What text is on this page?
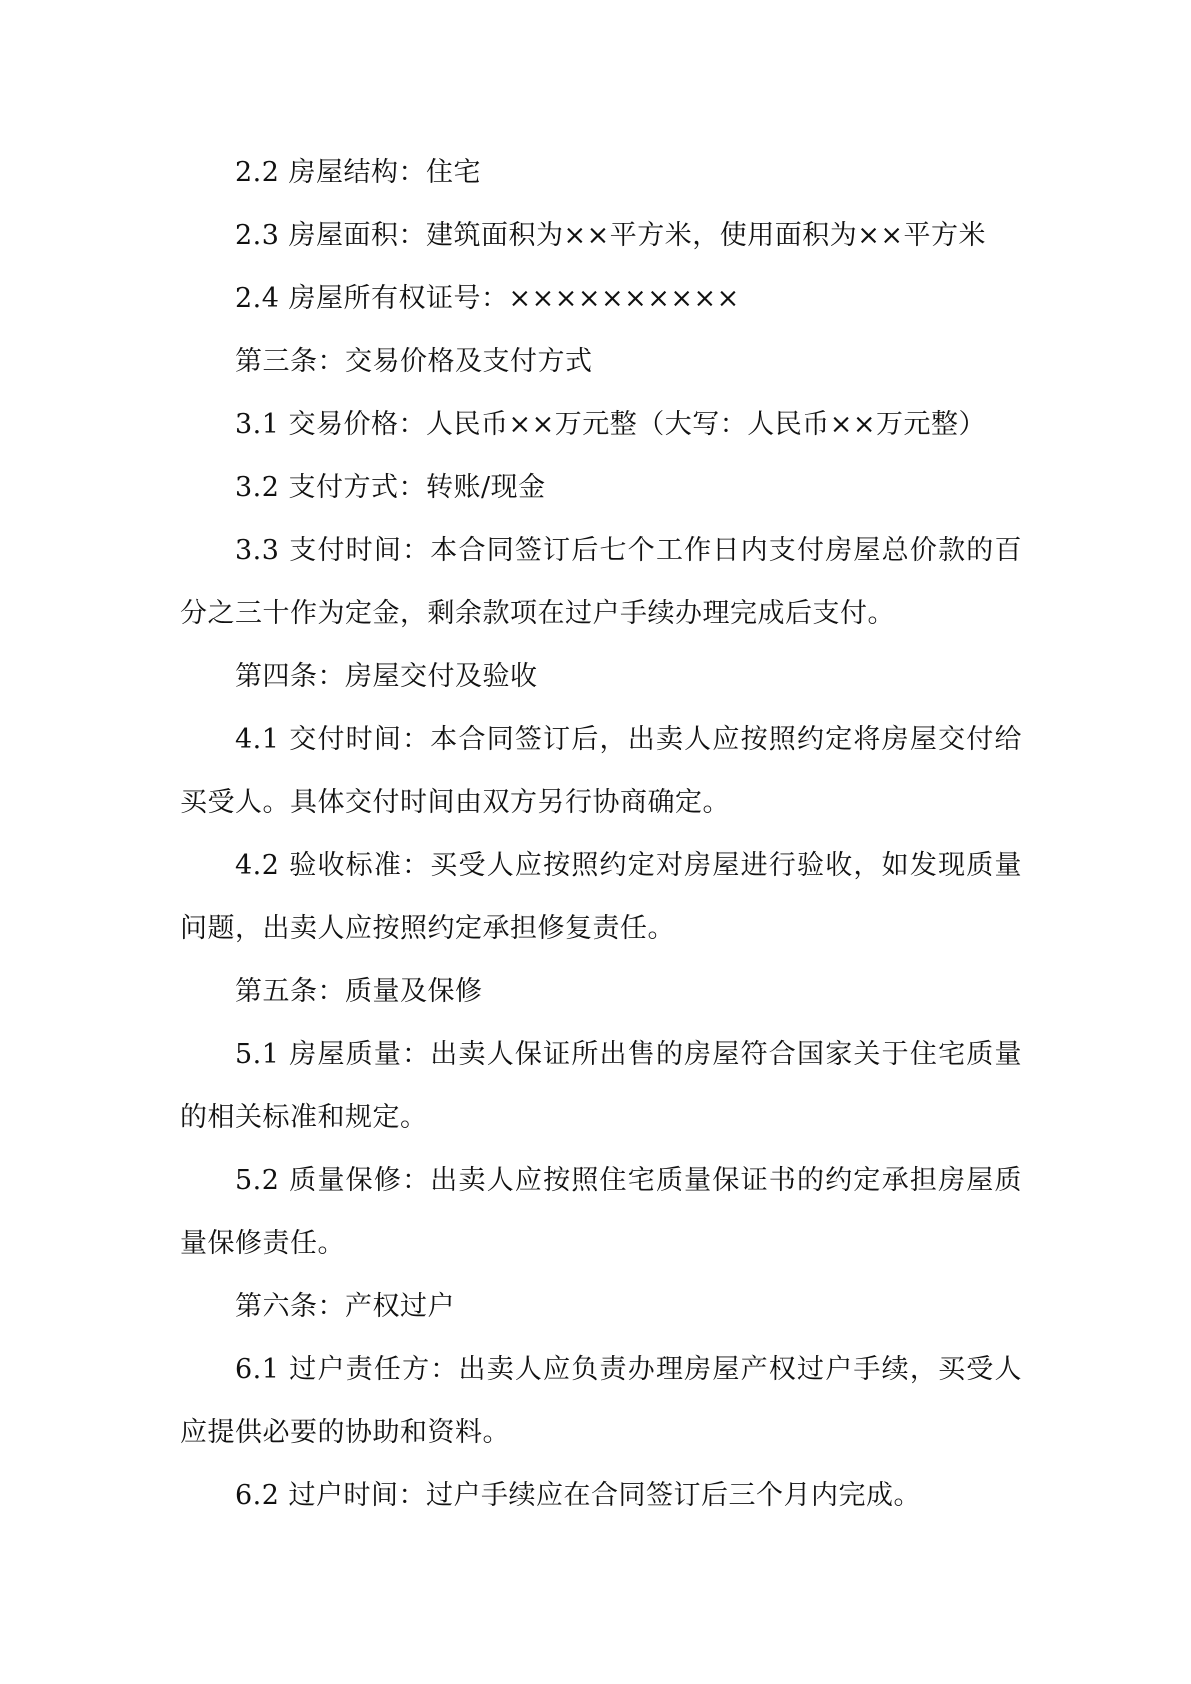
2.2 房屋结构：住宅

2.3 房屋面积：建筑面积为××平方米，使用面积为××平方米

2.4 房屋所有权证号：××××××××××

第三条：交易价格及支付方式

3.1 交易价格：人民币××万元整（大写：人民币××万元整）

3.2 支付方式：转账/现金

3.3 支付时间：本合同签订后七个工作日内支付房屋总价款的百分之三十作为定金，剩余款项在过户手续办理完成后支付。

第四条：房屋交付及验收

4.1 交付时间：本合同签订后，出卖人应按照约定将房屋交付给买受人。具体交付时间由双方另行协商确定。

4.2 验收标准：买受人应按照约定对房屋进行验收，如发现质量问题，出卖人应按照约定承担修复责任。

第五条：质量及保修

5.1 房屋质量：出卖人保证所出售的房屋符合国家关于住宅质量的相关标准和规定。

5.2 质量保修：出卖人应按照住宅质量保证书的约定承担房屋质量保修责任。

第六条：产权过户

6.1 过户责任方：出卖人应负责办理房屋产权过户手续，买受人应提供必要的协助和资料。

6.2 过户时间：过户手续应在合同签订后三个月内完成。
